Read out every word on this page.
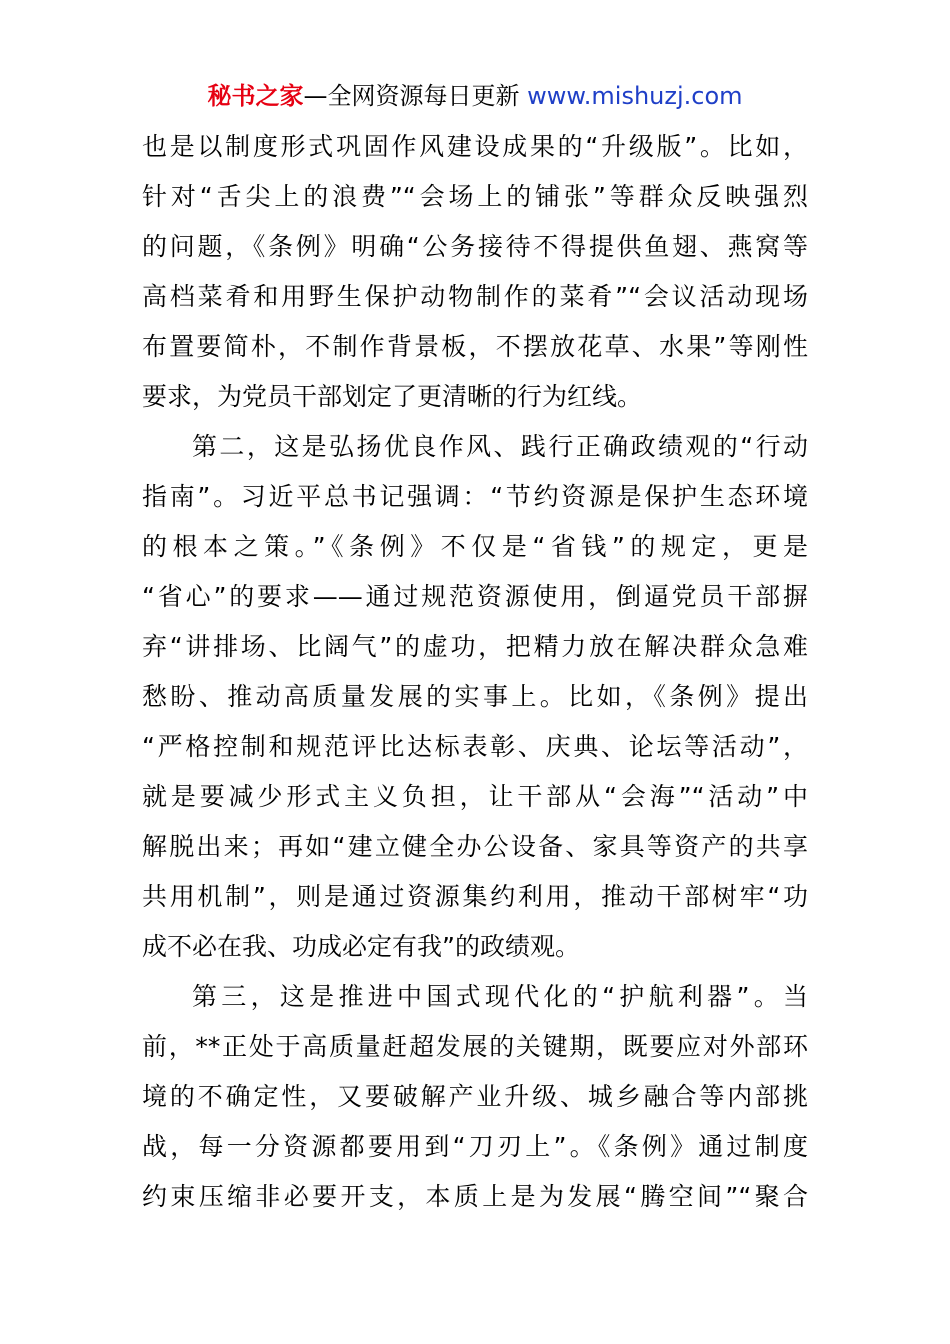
秘书之家—全网资源每日更新 www.mishuzj.com
也是以制度形式巩固作风建设成果的“升级版”。比如，
针对“舌尖上的浪费”“会场上的铺张”等群众反映强烈
的问题，《条例》明确“公务接待不得提供鱼翅、燕窝等
高档菜肴和用野生保护动物制作的菜肴”“会议活动现场
布置要简朴，不制作背景板，不摆放花草、水果”等刚性
要求，为党员干部划定了更清晰的行为红线。
第二，这是弘扬优良作风、践行正确政绩观的“行动
指南”。习近平总书记强调：“节约资源是保护生态环境
的根本之策。”《条例》不仅是“省钱”的规定，更是
“省心”的要求——通过规范资源使用，倒逼党员干部摒
弃“讲排场、比阔气”的虚功，把精力放在解决群众急难
愁盼、推动高质量发展的实事上。比如，《条例》提出
“严格控制和规范评比达标表彰、庆典、论坛等活动”，
就是要减少形式主义负担，让干部从“会海”“活动”中
解脱出来；再如“建立健全办公设备、家具等资产的共享
共用机制”，则是通过资源集约利用，推动干部树牢“功
成不必在我、功成必定有我”的政绩观。
第三，这是推进中国式现代化的“护航利器”。当
前，**正处于高质量赶超发展的关键期，既要应对外部环
境的不确定性，又要破解产业升级、城乡融合等内部挑
战，每一分资源都要用到“刀刃上”。《条例》通过制度
约束压缩非必要开支，本质上是为发展“腾空间”“聚合
